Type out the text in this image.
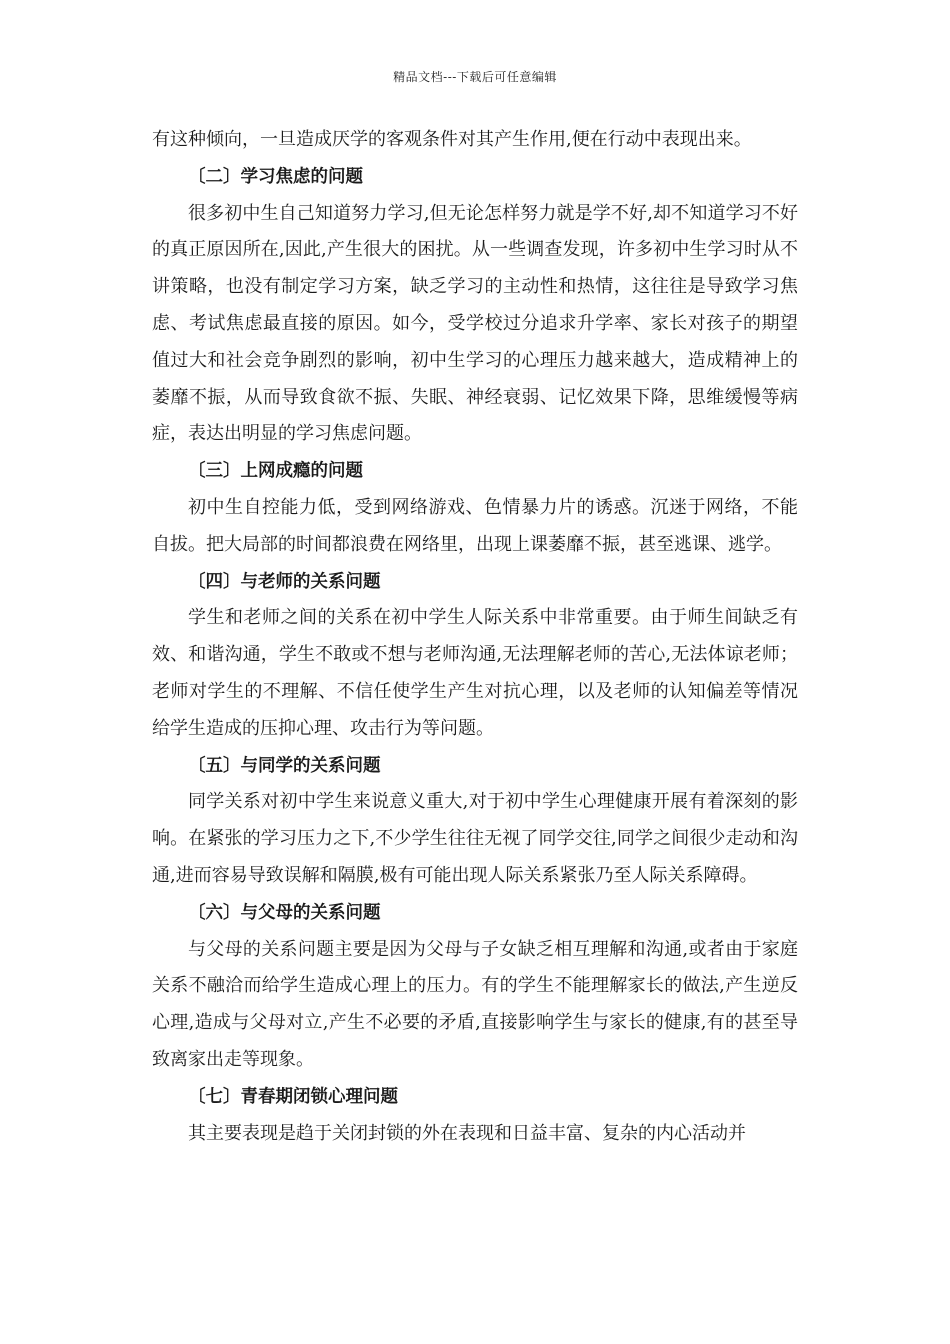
精品文档---下载后可任意编辑

有这种倾向，一旦造成厌学的客观条件对其产生作用,便在行动中表现出来。

〔二〕学习焦虑的问题

很多初中生自己知道努力学习,但无论怎样努力就是学不好,却不知道学习不好的真正原因所在,因此,产生很大的困扰。从一些调查发现，许多初中生学习时从不讲策略，也没有制定学习方案，缺乏学习的主动性和热情，这往往是导致学习焦虑、考试焦虑最直接的原因。如今，受学校过分追求升学率、家长对孩子的期望值过大和社会竞争剧烈的影响，初中生学习的心理压力越来越大，造成精神上的萎靡不振，从而导致食欲不振、失眠、神经衰弱、记忆效果下降，思维缓慢等病症，表达出明显的学习焦虑问题。

〔三〕上网成瘾的问题

初中生自控能力低，受到网络游戏、色情暴力片的诱惑。沉迷于网络，不能自拔。把大局部的时间都浪费在网络里，出现上课萎靡不振，甚至逃课、逃学。

〔四〕与老师的关系问题

学生和老师之间的关系在初中学生人际关系中非常重要。由于师生间缺乏有效、和谐沟通，学生不敢或不想与老师沟通,无法理解老师的苦心,无法体谅老师；老师对学生的不理解、不信任使学生产生对抗心理，以及老师的认知偏差等情况给学生造成的压抑心理、攻击行为等问题。

〔五〕与同学的关系问题

同学关系对初中学生来说意义重大,对于初中学生心理健康开展有着深刻的影响。在紧张的学习压力之下,不少学生往往无视了同学交往,同学之间很少走动和沟通,进而容易导致误解和隔膜,极有可能出现人际关系紧张乃至人际关系障碍。

〔六〕与父母的关系问题

与父母的关系问题主要是因为父母与子女缺乏相互理解和沟通,或者由于家庭关系不融洽而给学生造成心理上的压力。有的学生不能理解家长的做法,产生逆反心理,造成与父母对立,产生不必要的矛盾,直接影响学生与家长的健康,有的甚至导致离家出走等现象。

〔七〕青春期闭锁心理问题

其主要表现是趋于关闭封锁的外在表现和日益丰富、复杂的内心活动并
